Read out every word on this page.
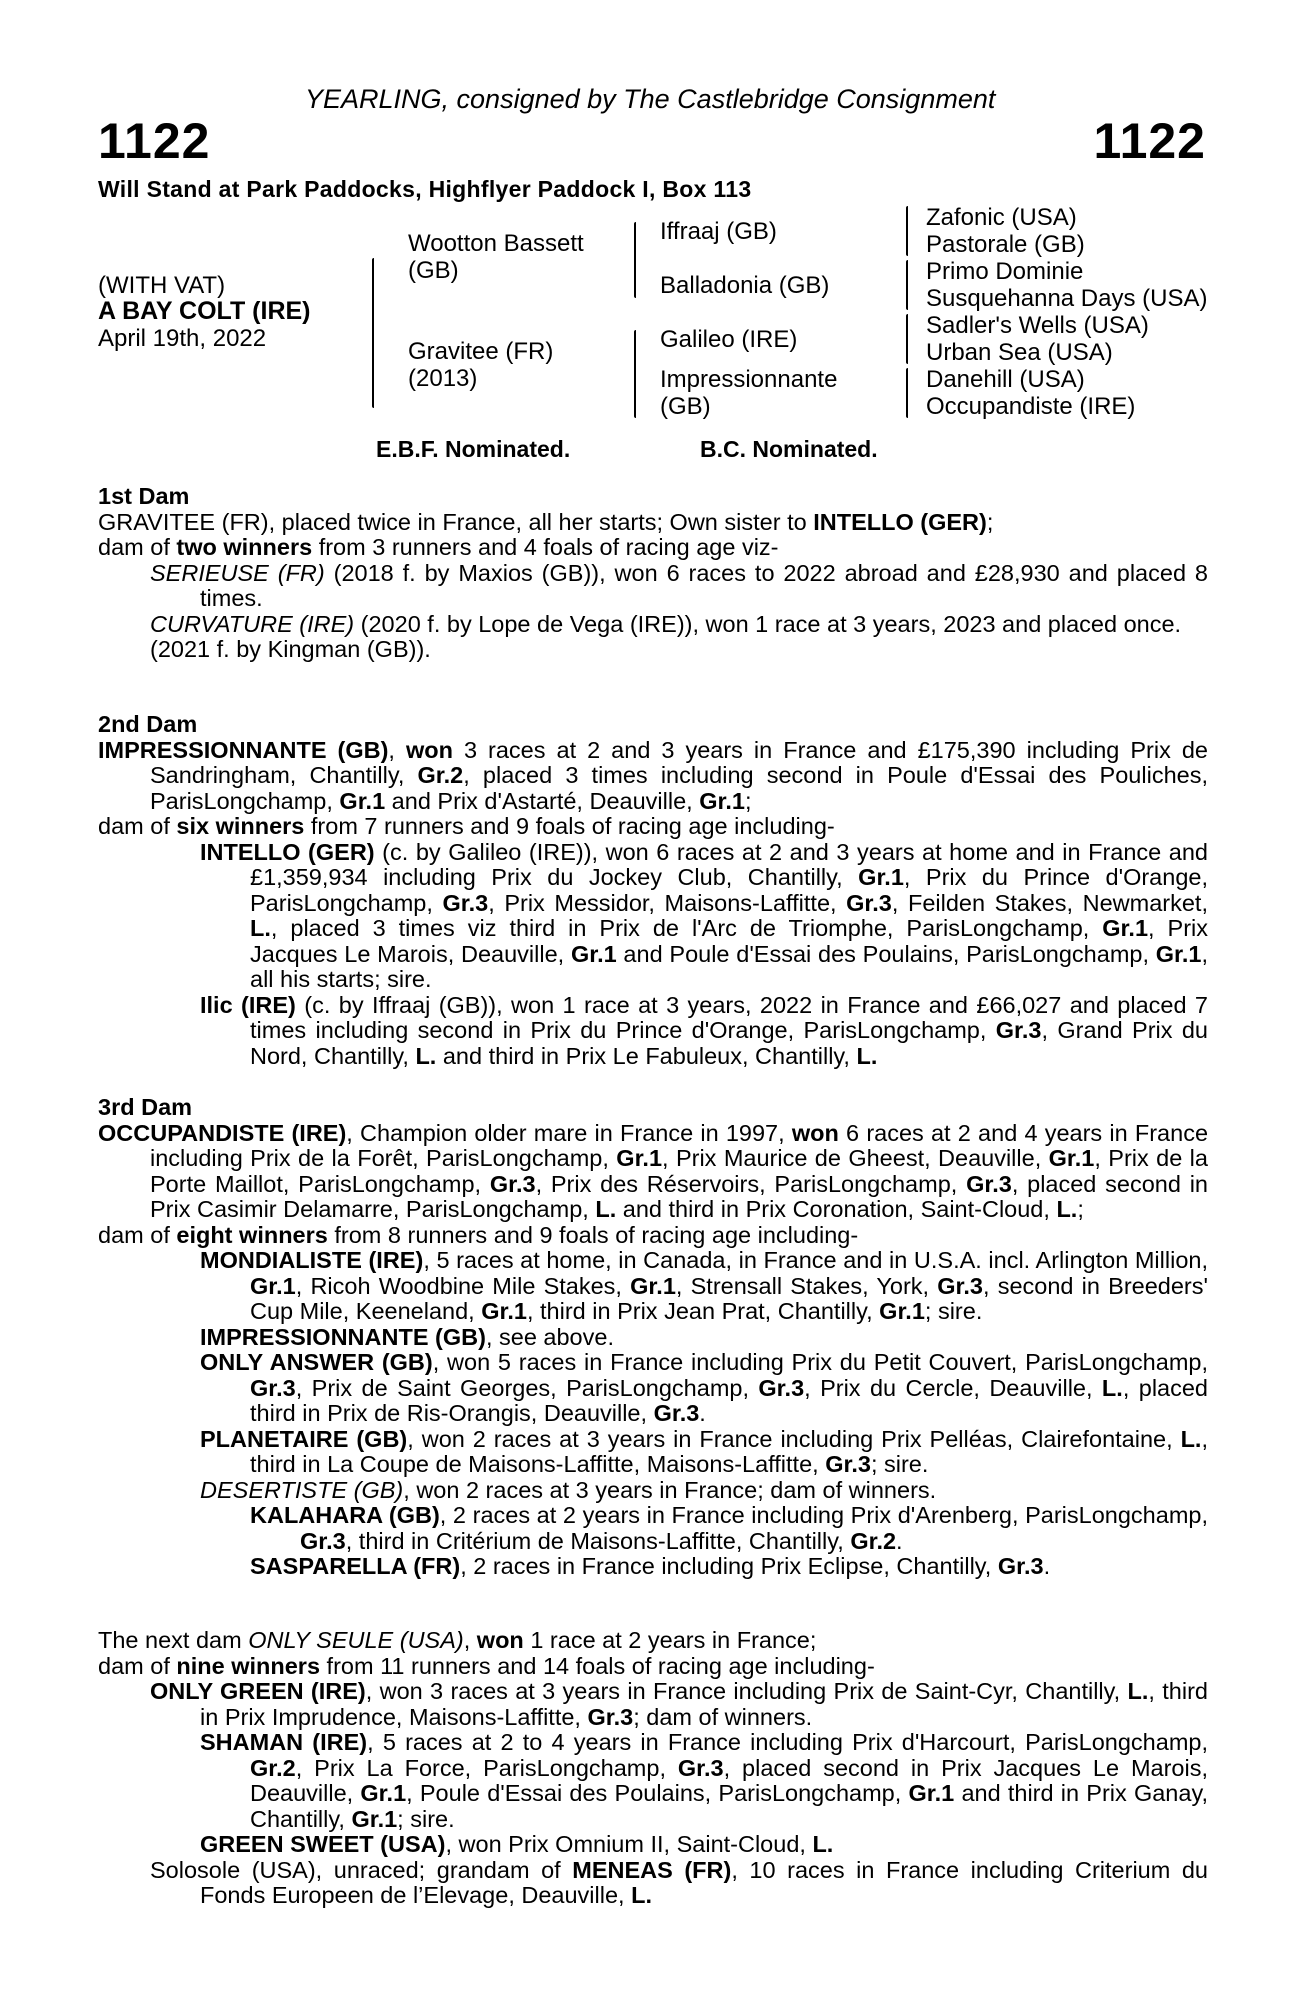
YEARLING, consigned by The Castlebridge Consignment
1122	1122
Will Stand at Park Paddocks, Highflyer Paddock I, Box 113
(WITH VAT)
A BAY COLT (IRE)
April 19th, 2022
Wootton Bassett (GB)
Gravitee (FR) (2013)
Iffraaj (GB)
Balladonia (GB)
Galileo (IRE)
Impressionnante (GB)
Zafonic (USA)
Pastorale (GB)
Primo Dominie
Susquehanna Days (USA)
Sadler's Wells (USA)
Urban Sea (USA)
Danehill (USA)
Occupandiste (IRE)
E.B.F. Nominated.	B.C. Nominated.

1st Dam

GRAVITEE (FR), placed twice in France, all her starts; Own sister to INTELLO (GER);

dam of two winners from 3 runners and 4 foals of racing age viz-

SERIEUSE (FR) (2018 f. by Maxios (GB)), won 6 races to 2022 abroad and £28,930 and placed 8 times.

CURVATURE (IRE) (2020 f. by Lope de Vega (IRE)), won 1 race at 3 years, 2023 and placed once.

(2021 f. by Kingman (GB)).

2nd Dam

IMPRESSIONNANTE (GB), won 3 races at 2 and 3 years in France and £175,390 including Prix de Sandringham, Chantilly, Gr.2, placed 3 times including second in Poule d'Essai des Pouliches, ParisLongchamp, Gr.1 and Prix d'Astarté, Deauville, Gr.1;

dam of six winners from 7 runners and 9 foals of racing age including-

INTELLO (GER) (c. by Galileo (IRE)), won 6 races at 2 and 3 years at home and in France and £1,359,934 including Prix du Jockey Club, Chantilly, Gr.1, Prix du Prince d'Orange, ParisLongchamp, Gr.3, Prix Messidor, Maisons-Laffitte, Gr.3, Feilden Stakes, Newmarket, L., placed 3 times viz third in Prix de l'Arc de Triomphe, ParisLongchamp, Gr.1, Prix Jacques Le Marois, Deauville, Gr.1 and Poule d'Essai des Poulains, ParisLongchamp, Gr.1, all his starts; sire.

Ilic (IRE) (c. by Iffraaj (GB)), won 1 race at 3 years, 2022 in France and £66,027 and placed 7 times including second in Prix du Prince d'Orange, ParisLongchamp, Gr.3, Grand Prix du Nord, Chantilly, L. and third in Prix Le Fabuleux, Chantilly, L.

3rd Dam

OCCUPANDISTE (IRE), Champion older mare in France in 1997, won 6 races at 2 and 4 years in France including Prix de la Forêt, ParisLongchamp, Gr.1, Prix Maurice de Gheest, Deauville, Gr.1, Prix de la Porte Maillot, ParisLongchamp, Gr.3, Prix des Réservoirs, ParisLongchamp, Gr.3, placed second in Prix Casimir Delamarre, ParisLongchamp, L. and third in Prix Coronation, Saint-Cloud, L.;

dam of eight winners from 8 runners and 9 foals of racing age including-

MONDIALISTE (IRE), 5 races at home, in Canada, in France and in U.S.A. incl. Arlington Million, Gr.1, Ricoh Woodbine Mile Stakes, Gr.1, Strensall Stakes, York, Gr.3, second in Breeders' Cup Mile, Keeneland, Gr.1, third in Prix Jean Prat, Chantilly, Gr.1; sire.

IMPRESSIONNANTE (GB), see above.

ONLY ANSWER (GB), won 5 races in France including Prix du Petit Couvert, ParisLongchamp, Gr.3, Prix de Saint Georges, ParisLongchamp, Gr.3, Prix du Cercle, Deauville, L., placed third in Prix de Ris-Orangis, Deauville, Gr.3.

PLANETAIRE (GB), won 2 races at 3 years in France including Prix Pelléas, Clairefontaine, L., third in La Coupe de Maisons-Laffitte, Maisons-Laffitte, Gr.3; sire.

DESERTISTE (GB), won 2 races at 3 years in France; dam of winners.

KALAHARA (GB), 2 races at 2 years in France including Prix d'Arenberg, ParisLongchamp, Gr.3, third in Critérium de Maisons-Laffitte, Chantilly, Gr.2.

SASPARELLA (FR), 2 races in France including Prix Eclipse, Chantilly, Gr.3.

The next dam ONLY SEULE (USA), won 1 race at 2 years in France;

dam of nine winners from 11 runners and 14 foals of racing age including-

ONLY GREEN (IRE), won 3 races at 3 years in France including Prix de Saint-Cyr, Chantilly, L., third in Prix Imprudence, Maisons-Laffitte, Gr.3; dam of winners.

SHAMAN (IRE), 5 races at 2 to 4 years in France including Prix d'Harcourt, ParisLongchamp, Gr.2, Prix La Force, ParisLongchamp, Gr.3, placed second in Prix Jacques Le Marois, Deauville, Gr.1, Poule d'Essai des Poulains, ParisLongchamp, Gr.1 and third in Prix Ganay, Chantilly, Gr.1; sire.

GREEN SWEET (USA), won Prix Omnium II, Saint-Cloud, L.

Solosole (USA), unraced; grandam of MENEAS (FR), 10 races in France including Criterium du Fonds Europeen de l’Elevage, Deauville, L.
